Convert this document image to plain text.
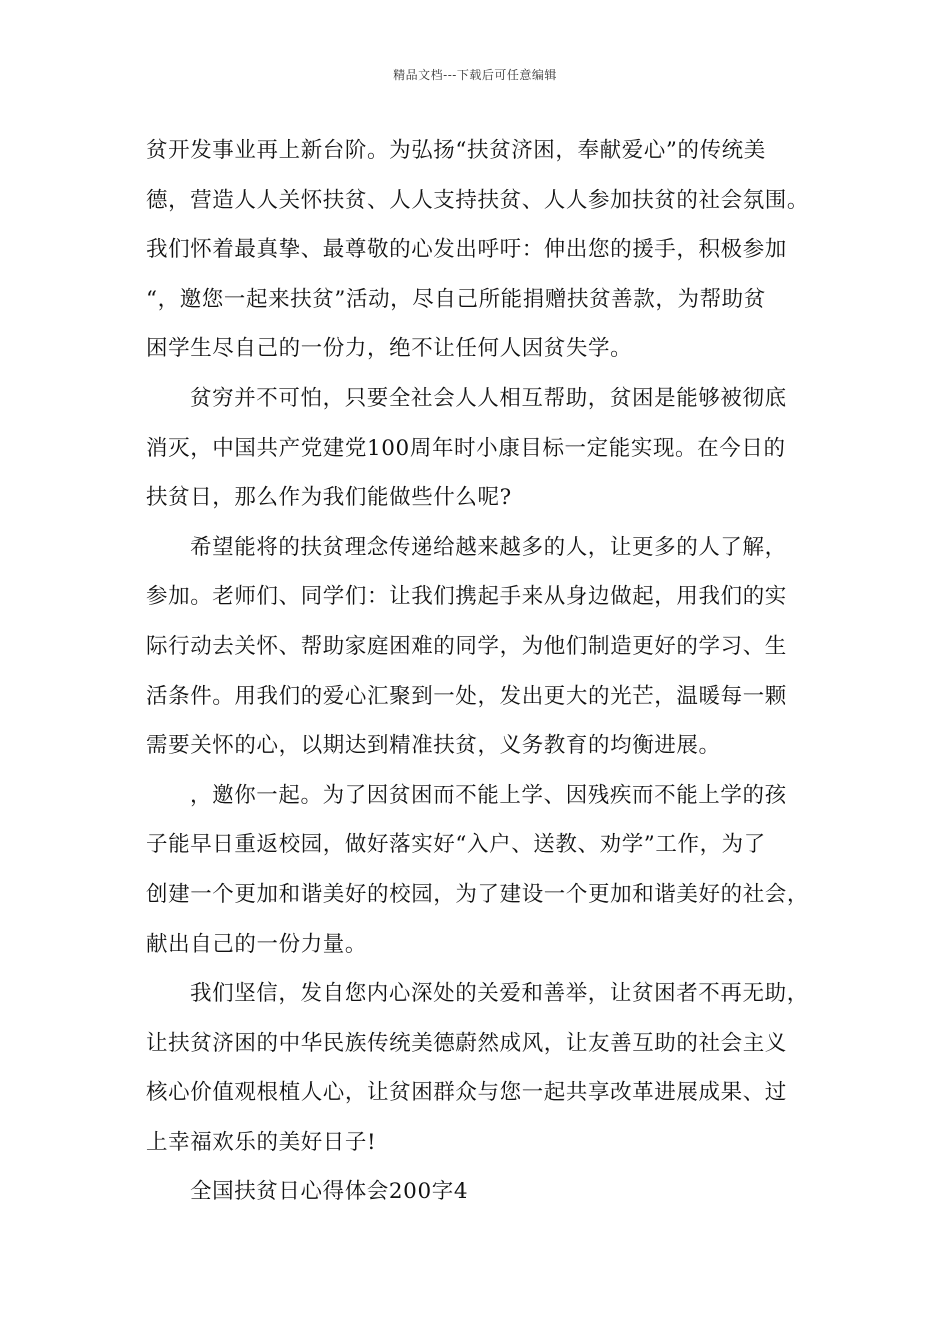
精品文档---下载后可任意编辑
贫开发事业再上新台阶。为弘扬“扶贫济困，奉献爱心”的传统美
德，营造人人关怀扶贫、人人支持扶贫、人人参加扶贫的社会氛围。
我们怀着最真挚、最尊敬的心发出呼吁：伸出您的援手，积极参加
“，邀您一起来扶贫”活动，尽自己所能捐赠扶贫善款，为帮助贫
困学生尽自己的一份力，绝不让任何人因贫失学。
贫穷并不可怕，只要全社会人人相互帮助，贫困是能够被彻底
消灭，中国共产党建党100周年时小康目标一定能实现。在今日的
扶贫日，那么作为我们能做些什么呢?
希望能将的扶贫理念传递给越来越多的人，让更多的人了解，
参加。老师们、同学们：让我们携起手来从身边做起，用我们的实
际行动去关怀、帮助家庭困难的同学，为他们制造更好的学习、生
活条件。用我们的爱心汇聚到一处，发出更大的光芒，温暖每一颗
需要关怀的心，以期达到精准扶贫，义务教育的均衡进展。
，邀你一起。为了因贫困而不能上学、因残疾而不能上学的孩
子能早日重返校园，做好落实好“入户、送教、劝学”工作，为了
创建一个更加和谐美好的校园，为了建设一个更加和谐美好的社会，
献出自己的一份力量。
我们坚信，发自您内心深处的关爱和善举，让贫困者不再无助，
让扶贫济困的中华民族传统美德蔚然成风，让友善互助的社会主义
核心价值观根植人心，让贫困群众与您一起共享改革进展成果、过
上幸福欢乐的美好日子!
全国扶贫日心得体会200字4
